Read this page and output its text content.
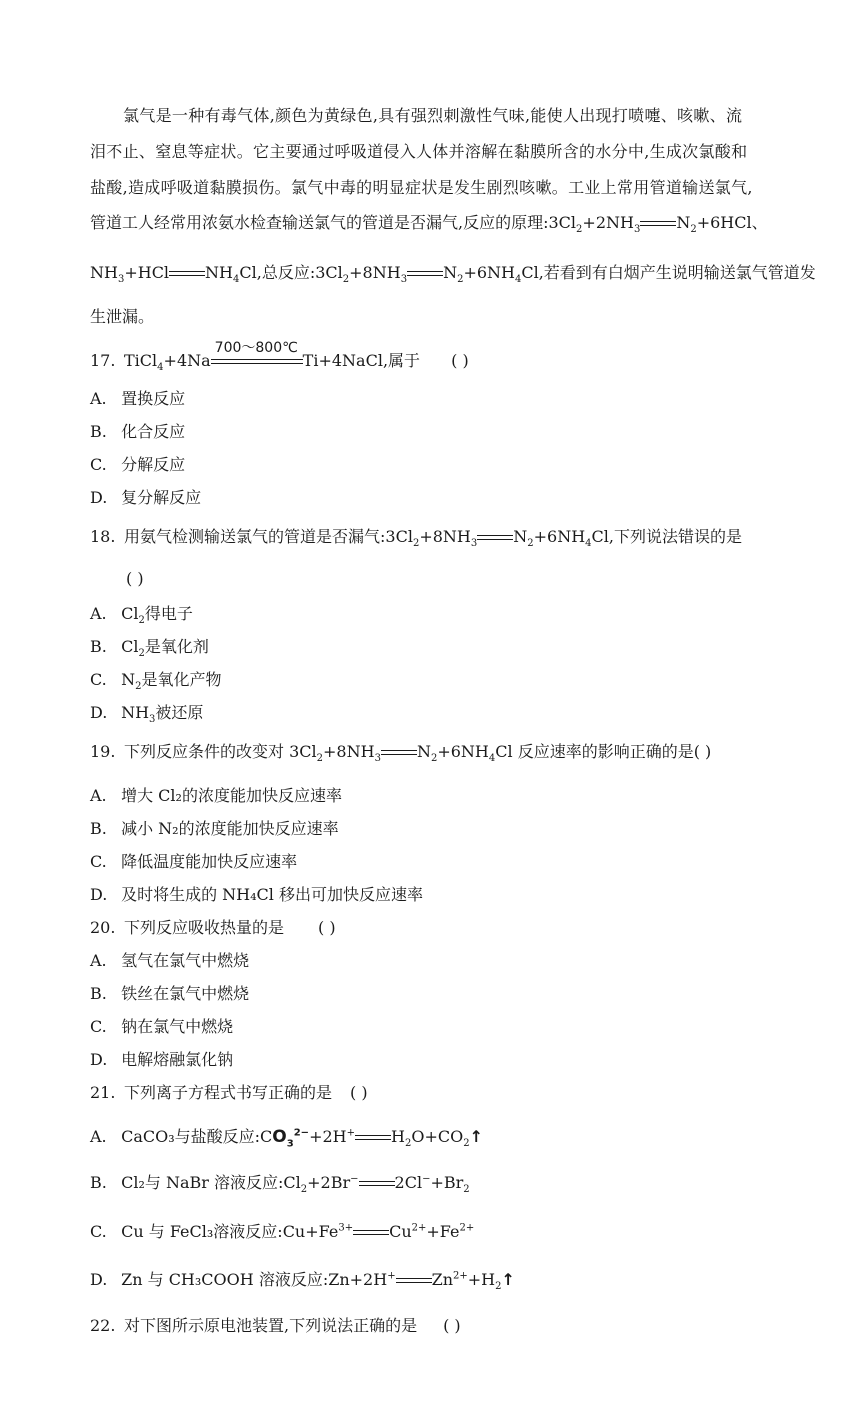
氯气是一种有毒气体,颜色为黄绿色,具有强烈刺激性气味,能使人出现打喷嚏、咳嗽、流
泪不止、窒息等症状。它主要通过呼吸道侵入人体并溶解在黏膜所含的水分中,生成次氯酸和
盐酸,造成呼吸道黏膜损伤。氯气中毒的明显症状是发生剧烈咳嗽。工业上常用管道输送氯气,

管道工人经常用浓氨水检查输送氯气的管道是否漏气,反应的原理$:3Cl_2+2NH_3$ $N_2+6HCl$、
$NH_3+HCl$ $NH_4Cl$,总反应$:3Cl_2+8NH_3$ $N_2+6NH_4Cl$,若看到有白烟产生说明输送氯气管道发
生泄漏。
17. TiCl$_4$+4Na
700～800℃
Ti+4NaCl,属于 ( )
A. 置换反应
B. 化合反应
C. 分解反应
D. 复分解反应
18. 用氨气检测输送氯气的管道是否漏气$:3Cl_2+8NH_3$ $N_2+6NH_4Cl$,下列说法错误的是
( )
A. $Cl_2$得电子
B. $Cl_2$是氧化剂
C. $N_2$是氧化产物
D. $NH_3$被还原
19. 下列反应条件的改变对 $3Cl_2+8NH_3$ $N_2+6NH_4Cl$ 反应速率的影响正确的是( )
A. 增大 Cl₂的浓度能加快反应速率
B. 减小 N₂的浓度能加快反应速率
C. 降低温度能加快反应速率
D. 及时将生成的 NH₄Cl 移出可加快反应速率
20. 下列反应吸收热量的是 ( )
A. 氢气在氯气中燃烧
B. 铁丝在氯气中燃烧
C. 钠在氯气中燃烧
D. 电解熔融氯化钠
21. 下列离子方程式书写正确的是 ( )
A. CaCO₃与盐酸反应$:CO_3^{2-}+2H^+$ $H_2O+CO_2↑$
B. Cl₂与 NaBr 溶液反应$:Cl_2+2Br^-$ $2Cl^-+Br_2$
C. Cu 与 FeCl₃溶液反应$:Cu+Fe^{3+}$ $Cu^{2+}+Fe^{2+}$
D. Zn 与 CH₃COOH 溶液反应:Zn+2H+ $Zn^{2+}+H_2↑$
22. 对下图所示原电池装置,下列说法正确的是 ( )
